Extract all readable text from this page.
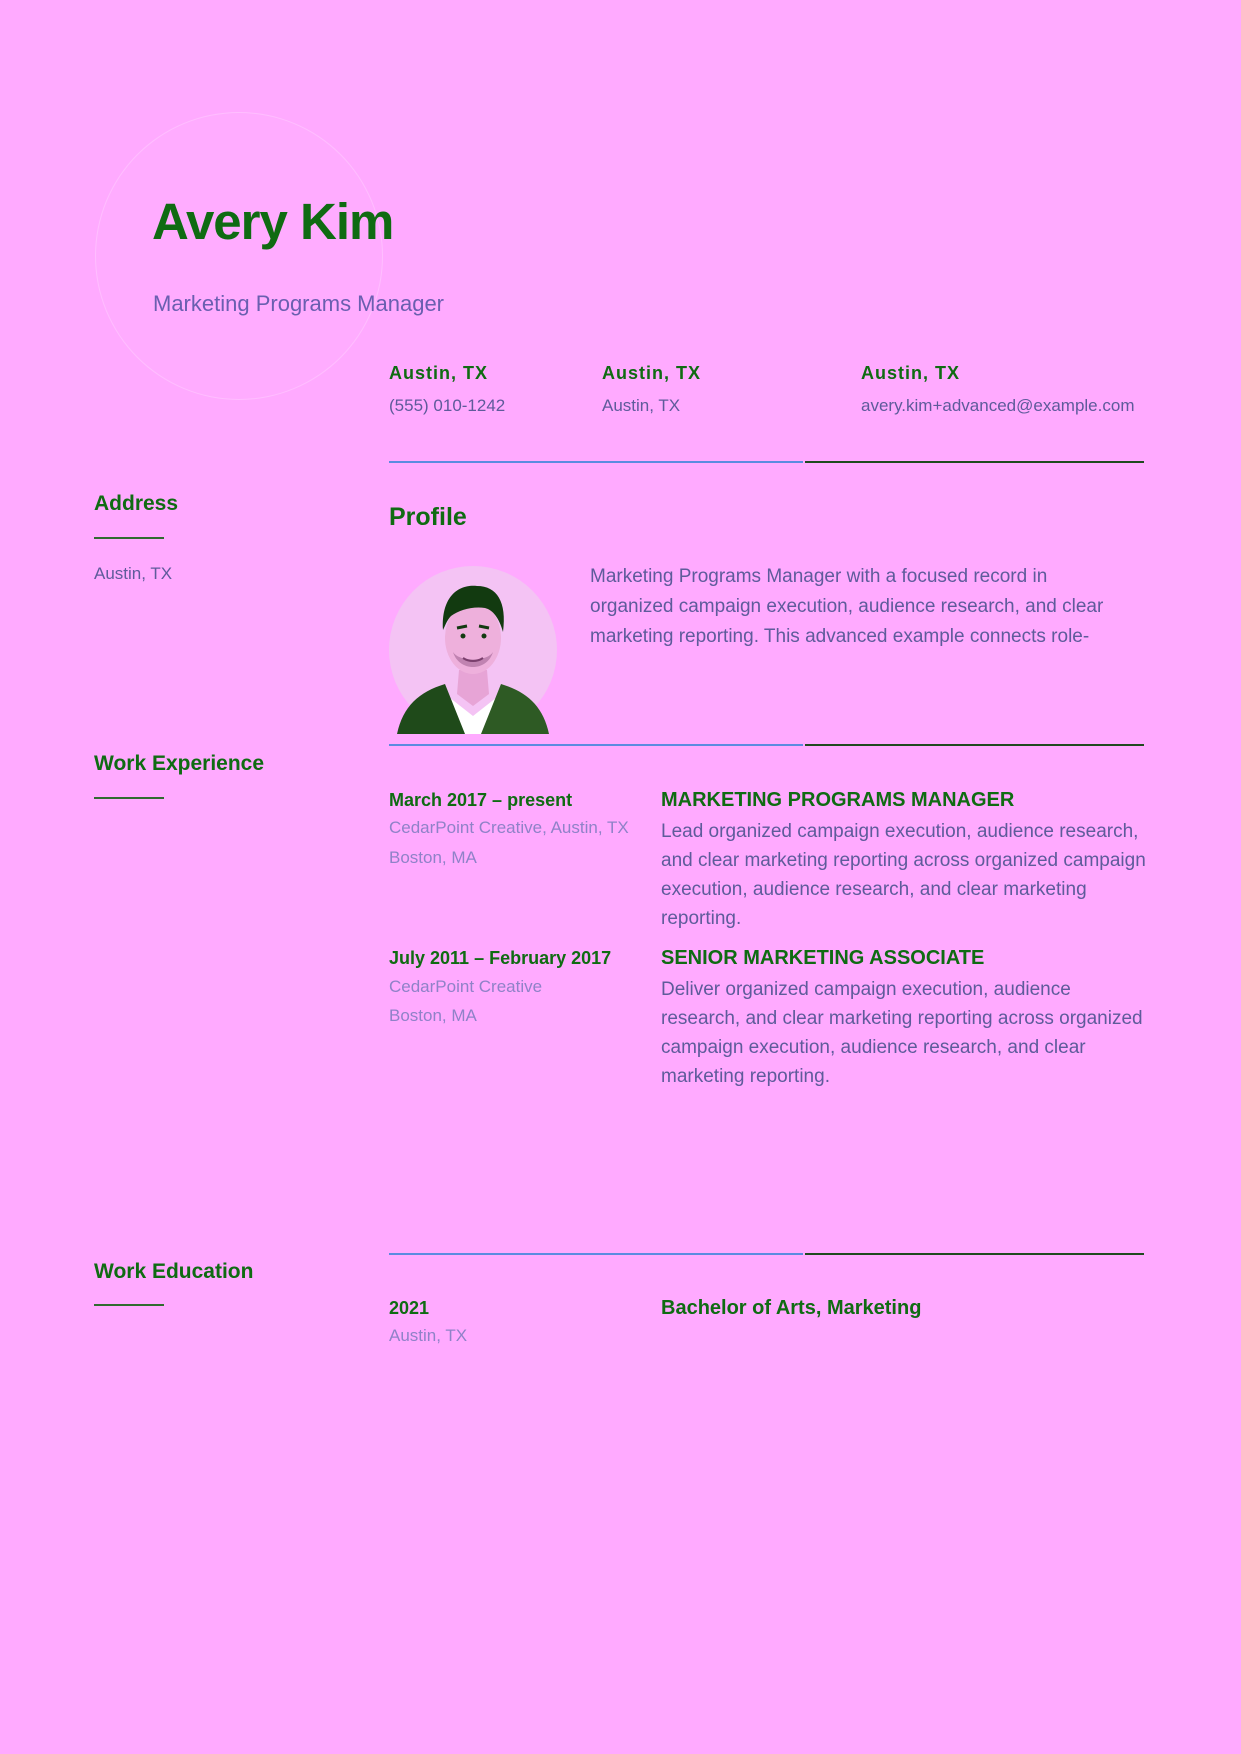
Avery Kim
Marketing Programs Manager
Austin, TX
(555) 010-1242
Austin, TX
Austin, TX
Austin, TX
avery.kim+advanced@example.com
Address
Austin, TX
Profile
Marketing Programs Manager with a focused record in organized campaign execution, audience research, and clear marketing reporting. This advanced example connects role-
Work Experience
March 2017 – present
CedarPoint Creative, Austin, TX
Boston, MA
MARKETING PROGRAMS MANAGER
Lead organized campaign execution, audience research, and clear marketing reporting across organized campaign execution, audience research, and clear marketing reporting.
July 2011 – February 2017
CedarPoint Creative
Boston, MA
SENIOR MARKETING ASSOCIATE
Deliver organized campaign execution, audience research, and clear marketing reporting across organized campaign execution, audience research, and clear marketing reporting.
Work Education
2021
Austin, TX
Bachelor of Arts, Marketing
